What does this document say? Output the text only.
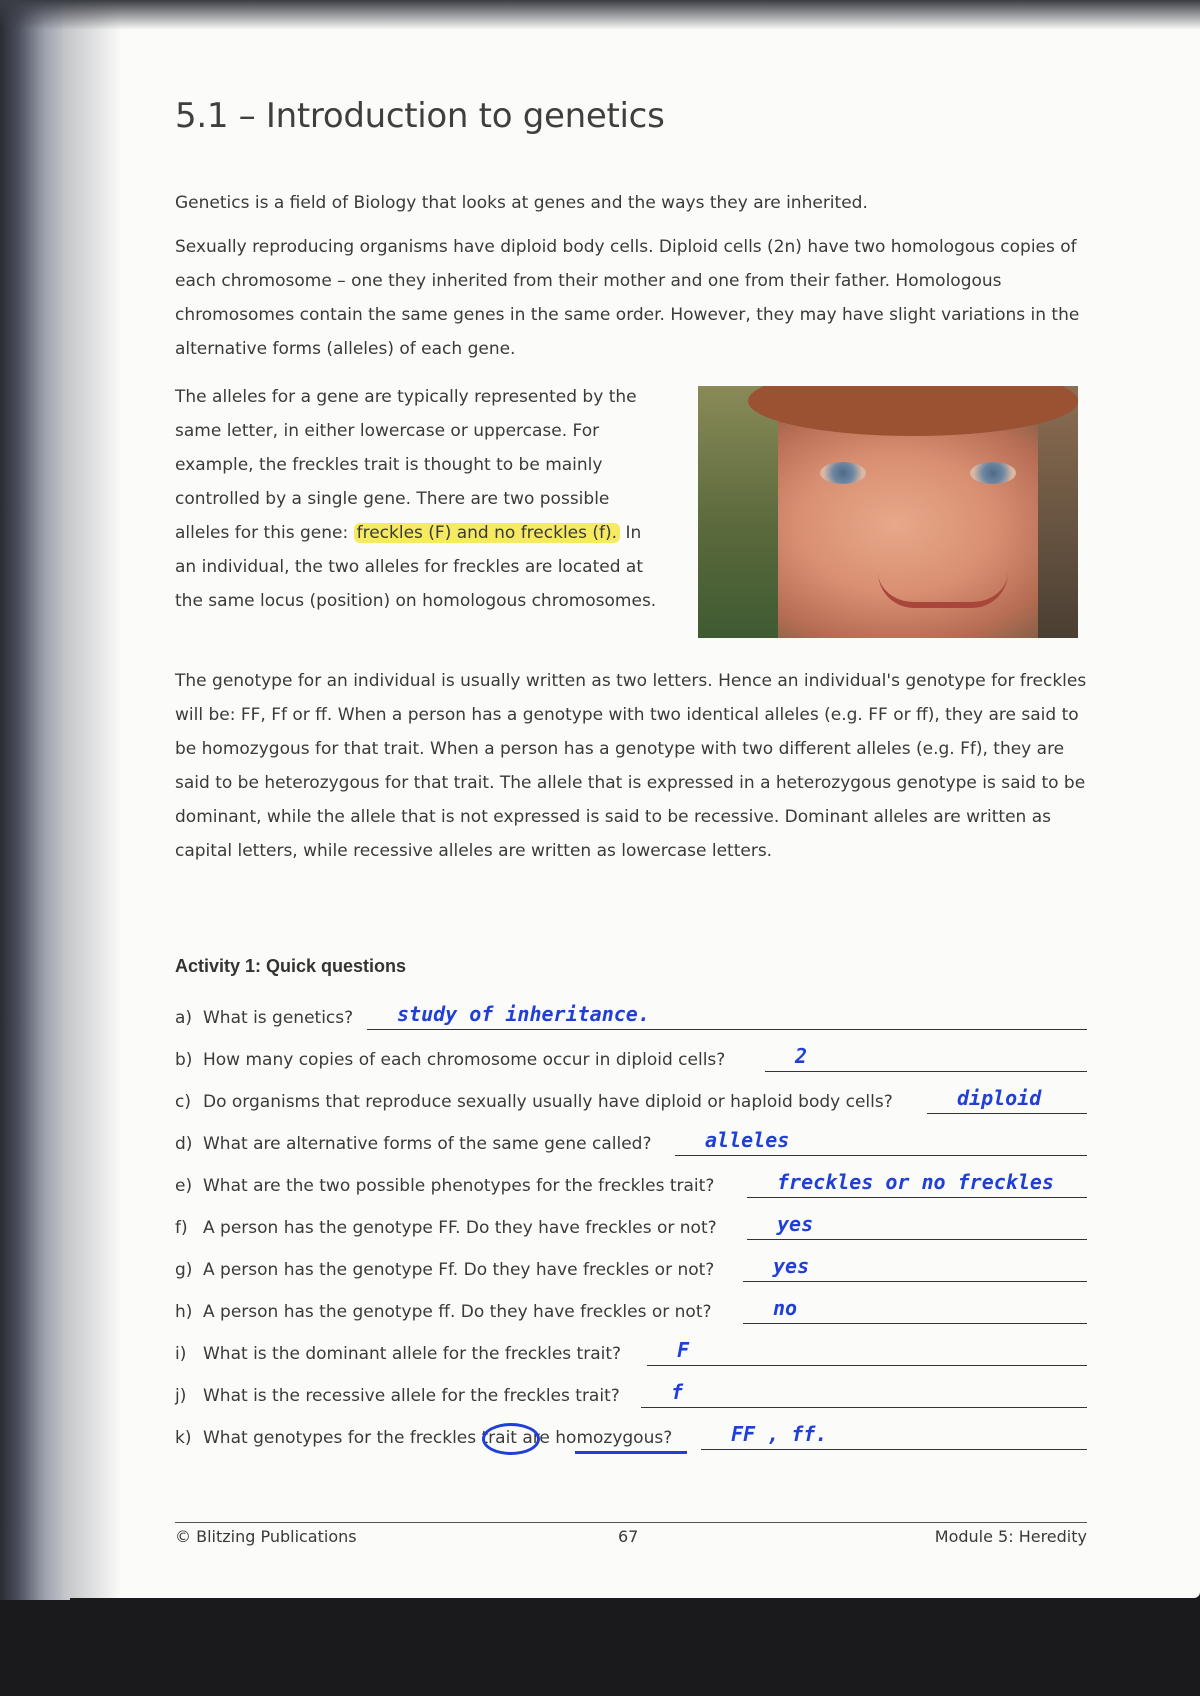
5.1 – Introduction to genetics

Genetics is a field of Biology that looks at genes and the ways they are inherited.

Sexually reproducing organisms have diploid body cells. Diploid cells (2n) have two homologous copies of each chromosome – one they inherited from their mother and one from their father. Homologous chromosomes contain the same genes in the same order. However, they may have slight variations in the alternative forms (alleles) of each gene.

The alleles for a gene are typically represented by the same letter, in either lowercase or uppercase. For example, the freckles trait is thought to be mainly controlled by a single gene. There are two possible alleles for this gene: freckles (F) and no freckles (f). In an individual, the two alleles for freckles are located at the same locus (position) on homologous chromosomes.

The genotype for an individual is usually written as two letters. Hence an individual's genotype for freckles will be: FF, Ff or ff. When a person has a genotype with two identical alleles (e.g. FF or ff), they are said to be homozygous for that trait. When a person has a genotype with two different alleles (e.g. Ff), they are said to be heterozygous for that trait. The allele that is expressed in a heterozygous genotype is said to be dominant, while the allele that is not expressed is said to be recessive. Dominant alleles are written as capital letters, while recessive alleles are written as lowercase letters.

Activity 1: Quick questions
a) What is genetics? study of inheritance.
b) How many copies of each chromosome occur in diploid cells?	2
c) Do organisms that reproduce sexually usually have diploid or haploid body cells?	diploid
d) What are alternative forms of the same gene called?	alleles
e) What are the two possible phenotypes for the freckles trait?	freckles or no freckles
f) A person has the genotype FF. Do they have freckles or not?	yes
g) A person has the genotype Ff. Do they have freckles or not?	yes
h) A person has the genotype ff. Do they have freckles or not?	no
i) What is the dominant allele for the freckles trait?	F
j) What is the recessive allele for the freckles trait?	f
k) What genotypes for the freckles trait are homozygous?	FF , ff.
© Blitzing Publications	67	Module 5: Heredity
